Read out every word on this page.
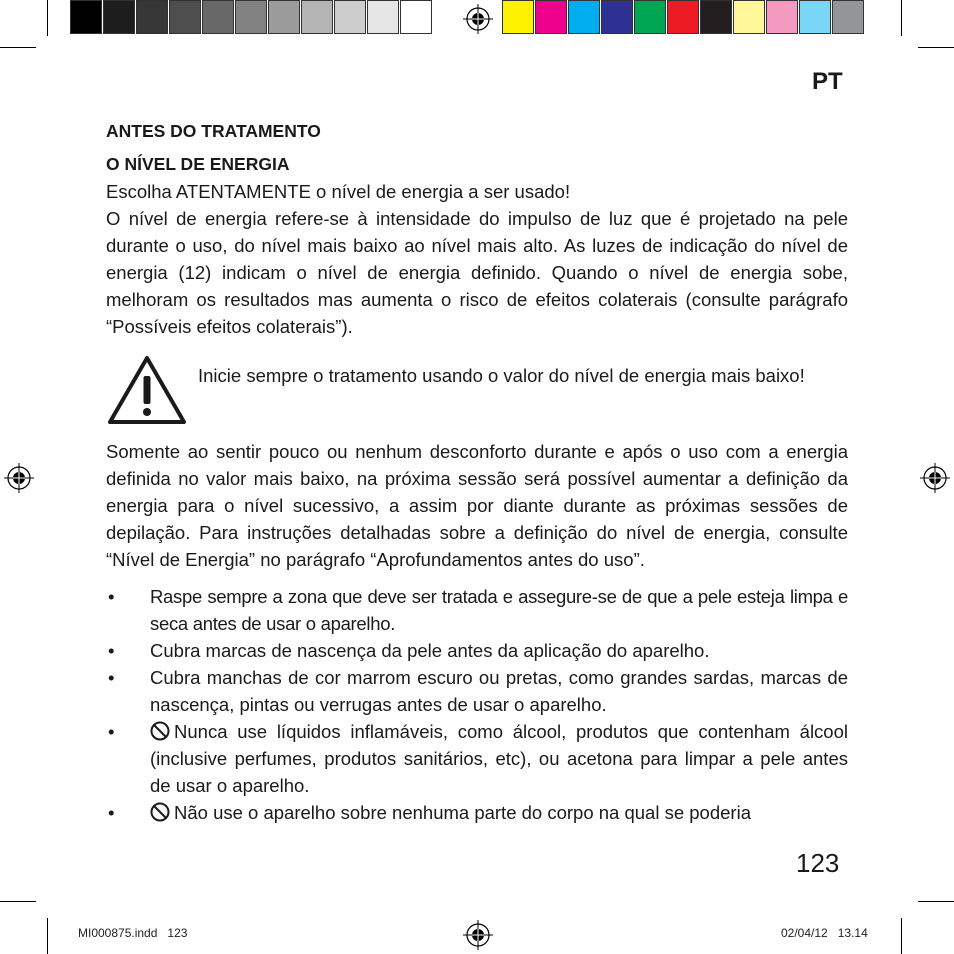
PT

ANTES DO TRATAMENTO

O NÍVEL DE ENERGIA

Escolha ATENTAMENTE o nível de energia a ser usado!

O nível de energia refere-se à intensidade do impulso de luz que é projetado na pele durante o uso, do nível mais baixo ao nível mais alto. As luzes de indicação do nível de energia (12) indicam o nível de energia definido. Quando o nível de energia sobe, melhoram os resultados mas aumenta o risco de efeitos colaterais (consulte parágrafo “Possíveis efeitos colaterais”).

Inicie sempre o tratamento usando o valor do nível de energia mais baixo!

Somente ao sentir pouco ou nenhum desconforto durante e após o uso com a energia definida no valor mais baixo, na próxima sessão será possível aumentar a definição da energia para o nível sucessivo, a assim por diante durante as próximas sessões de depilação. Para instruções detalhadas sobre a definição do nível de energia, consulte “Nível de Energia” no parágrafo “Aprofundamentos antes do uso”.

• Raspe sempre a zona que deve ser tratada e assegure-se de que a pele esteja limpa e seca antes de usar o aparelho.
• Cubra marcas de nascença da pele antes da aplicação do aparelho.
• Cubra manchas de cor marrom escuro ou pretas, como grandes sardas, marcas de nascença, pintas ou verrugas antes de usar o aparelho.
•	Nunca use líquidos inflamáveis, como álcool, produtos que contenham álcool (inclusive perfumes, produtos sanitários, etc), ou acetona para limpar a pele antes de usar o aparelho.
•	Não use o aparelho sobre nenhuma parte do corpo na qual se poderia
123
MI000875.indd 123	02/04/12 13.14
